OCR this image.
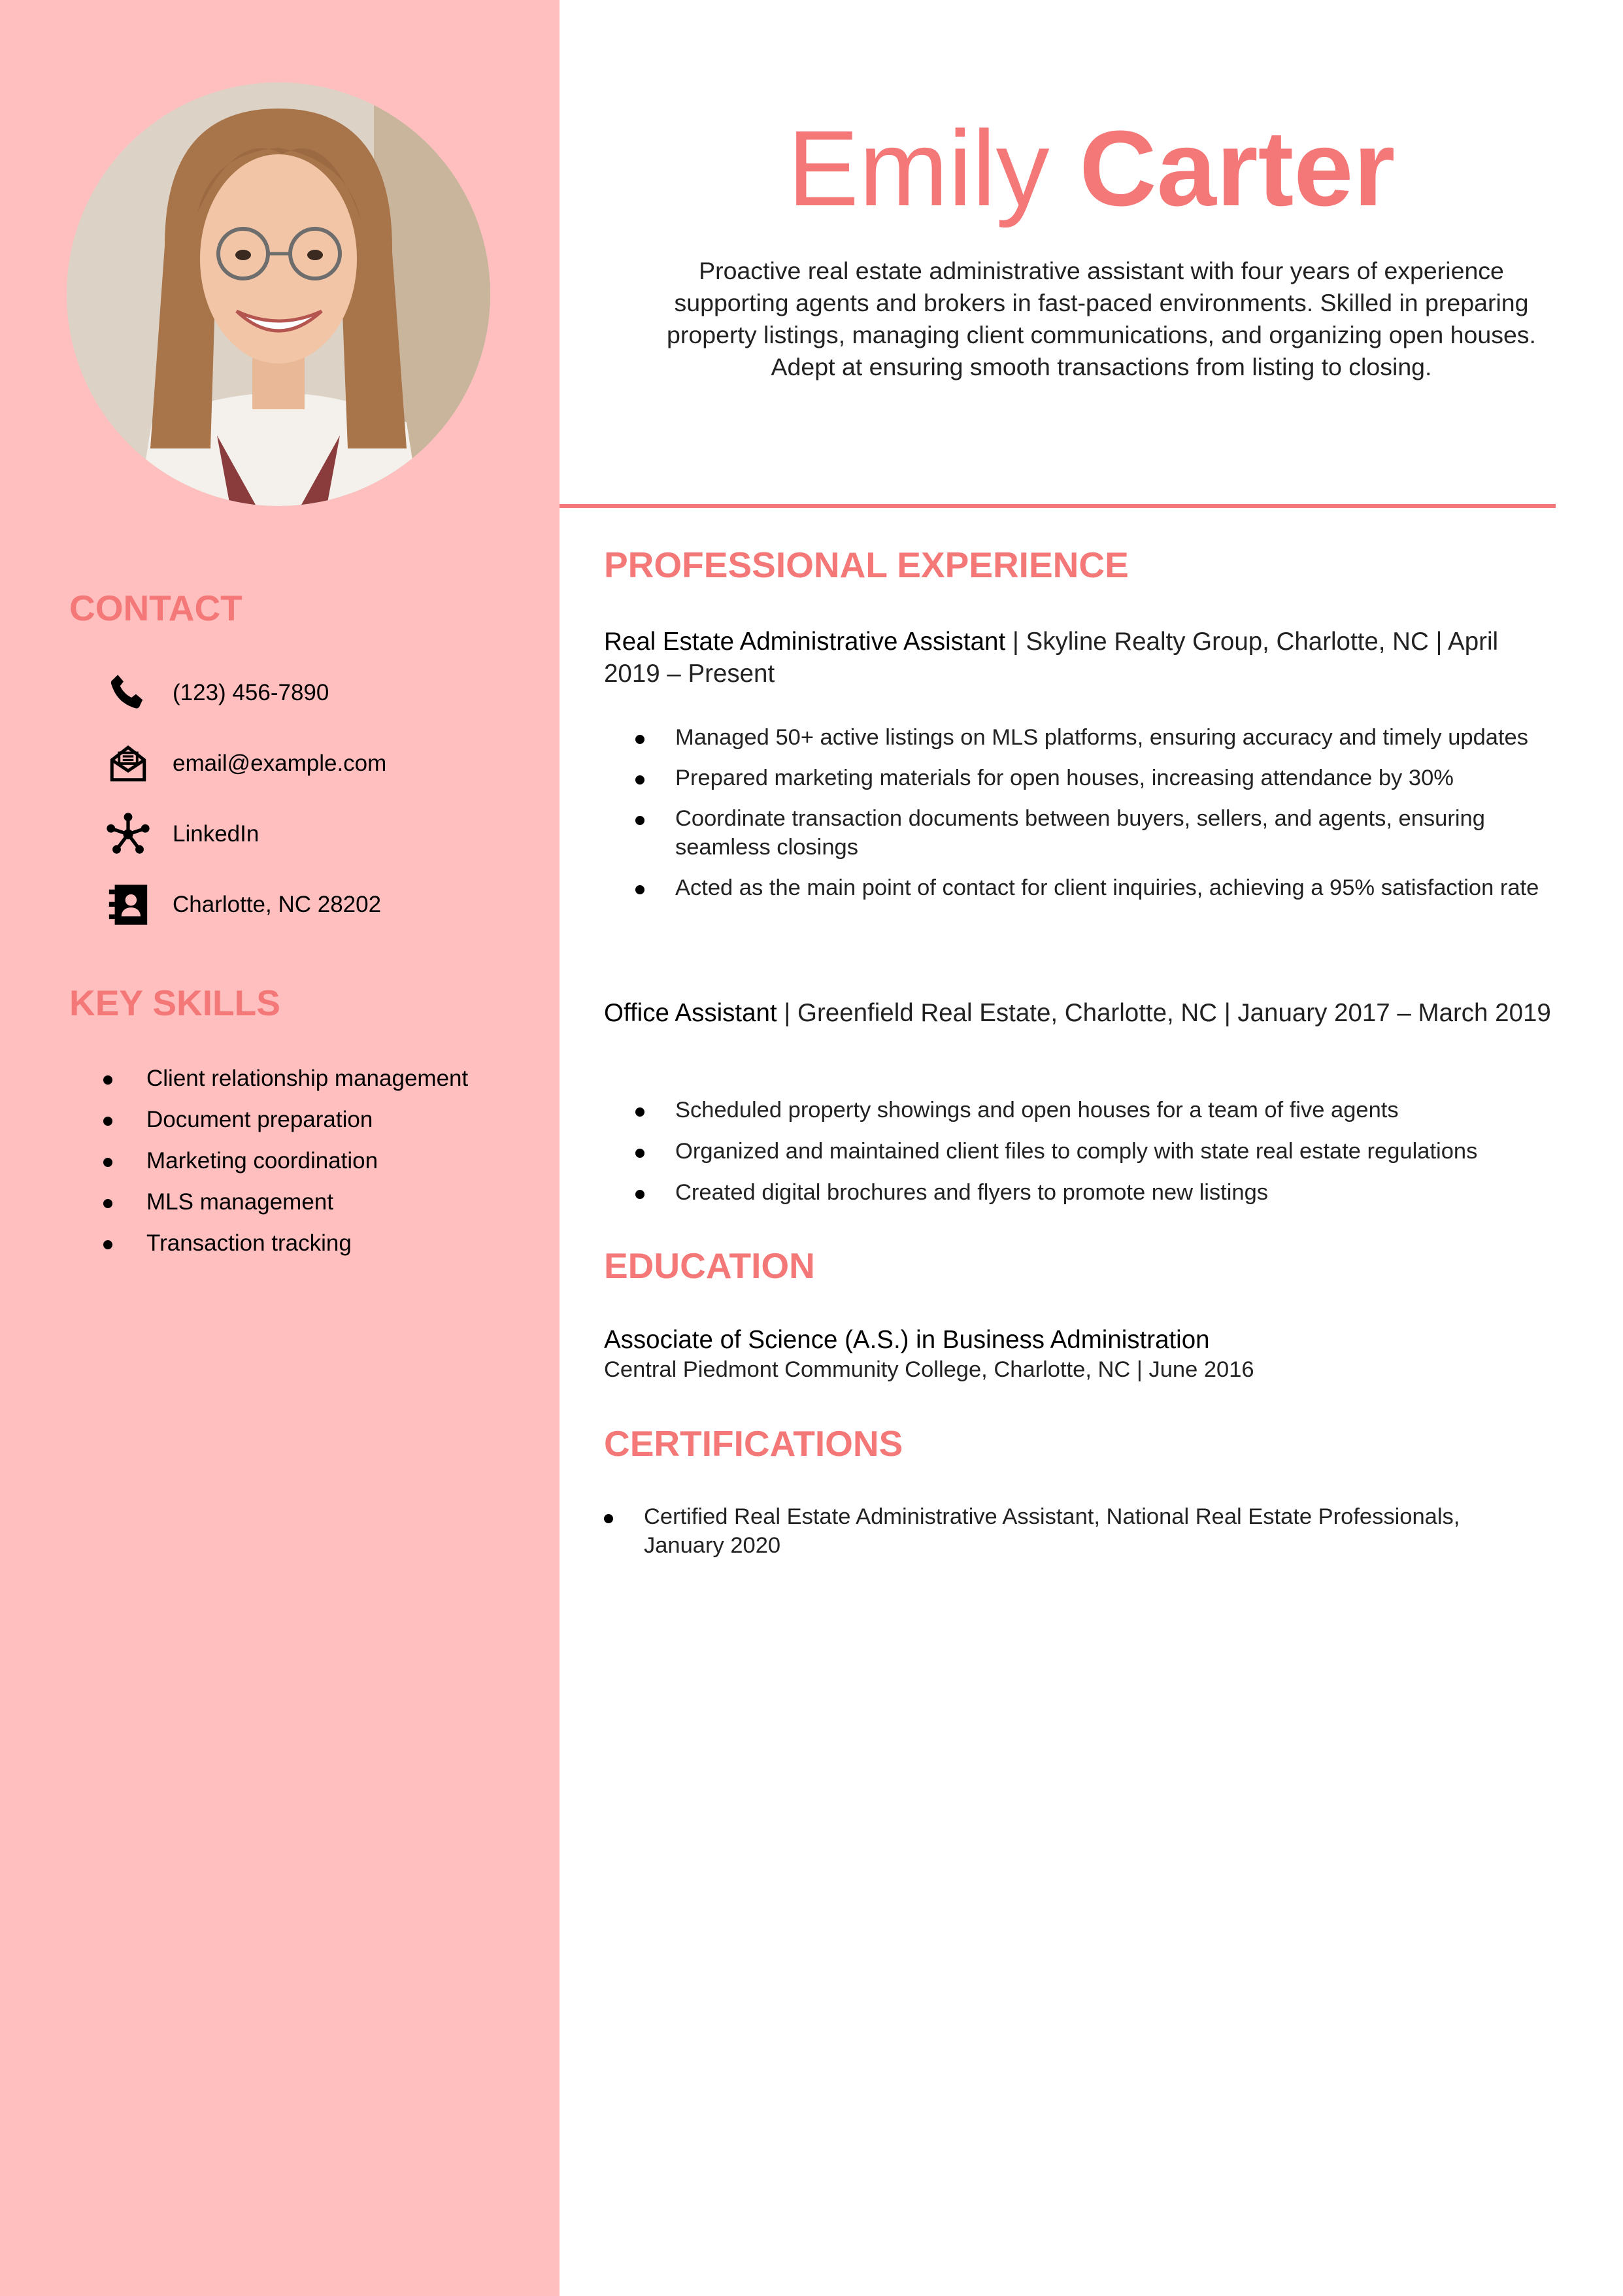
CONTACT
(123) 456-7890
email@example.com
LinkedIn
Charlotte, NC 28202
KEY SKILLS
Client relationship management
Document preparation
Marketing coordination
MLS management
Transaction tracking
Emily Carter

Proactive real estate administrative assistant with four years of experience supporting agents and brokers in fast-paced environments. Skilled in preparing property listings, managing client communications, and organizing open houses. Adept at ensuring smooth transactions from listing to closing.

PROFESSIONAL EXPERIENCE

Real Estate Administrative Assistant | Skyline Realty Group, Charlotte, NC | April 2019 – Present

Managed 50+ active listings on MLS platforms, ensuring accuracy and timely updates
Prepared marketing materials for open houses, increasing attendance by 30%
Coordinate transaction documents between buyers, sellers, and agents, ensuring seamless closings
Acted as the main point of contact for client inquiries, achieving a 95% satisfaction rate

Office Assistant | Greenfield Real Estate, Charlotte, NC | January 2017 – March 2019

Scheduled property showings and open houses for a team of five agents
Organized and maintained client files to comply with state real estate regulations
Created digital brochures and flyers to promote new listings
EDUCATION

Associate of Science (A.S.) in Business Administration

Central Piedmont Community College, Charlotte, NC | June 2016

CERTIFICATIONS
Certified Real Estate Administrative Assistant, National Real Estate Professionals, January 2020
